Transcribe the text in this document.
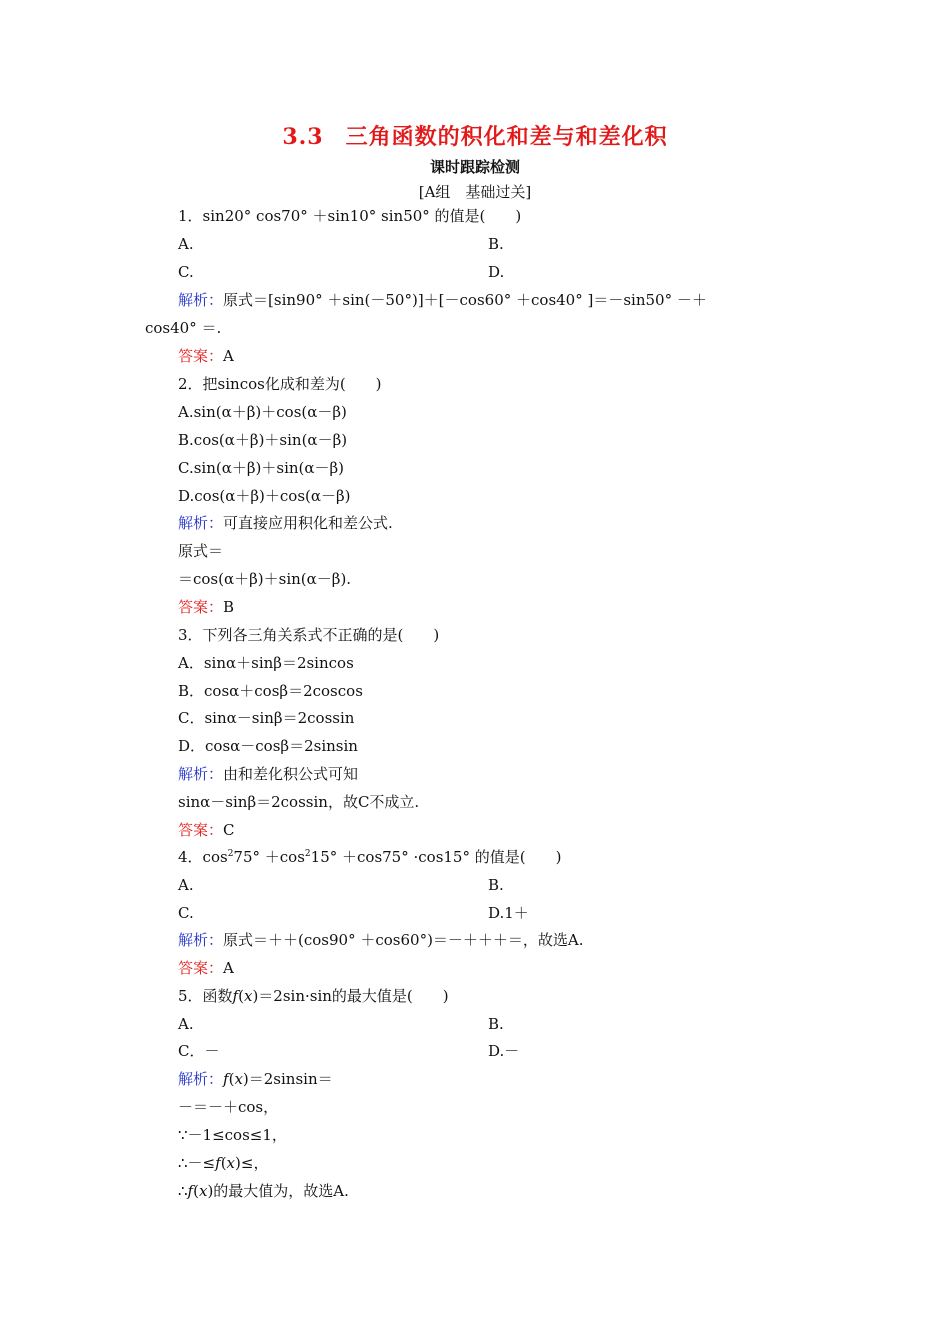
3.3 三角函数的积化和差与和差化积
课时跟踪检测
[A组　基础过关]
1．sin20° cos70° ＋sin10° sin50° 的值是(　　)
A.	B.
C.	D.
解析：原式＝[sin90° ＋sin(－50°)]＋[－cos60° ＋cos40° ]＝－sin50° －＋
cos40° ＝.
答案：A
2．把sincos化成和差为(　　)
A.sin(α＋β)＋cos(α－β)
B.cos(α＋β)＋sin(α－β)
C.sin(α＋β)＋sin(α－β)
D.cos(α＋β)＋cos(α－β)
解析：可直接应用积化和差公式.
原式＝
＝cos(α＋β)＋sin(α－β).
答案：B
3．下列各三角关系式不正确的是(　　)
A．sinα＋sinβ＝2sincos
B．cosα＋cosβ＝2coscos
C．sinα－sinβ＝2cossin
D．cosα－cosβ＝2sinsin
解析：由和差化积公式可知
sinα－sinβ＝2cossin，故C不成立.
答案：C
4．$\cos^275^\circ +\cos^215^\circ +\cos 75^\circ \cdot\cos 15^\circ$ 的值是(　　)
A.	B.
C.	D.1＋
解析：原式＝＋＋(cos90° ＋cos60°)＝－＋＋＋＝，故选A.
答案：A
5．函数f(x)＝2sin·sin的最大值是(　　)
A.	B.
C．－	D.－
解析：f(x)＝2sinsin＝
－＝－＋cos，
∵－1≤cos≤1，
∴－≤f(x)≤，
∴f(x)的最大值为，故选A.
